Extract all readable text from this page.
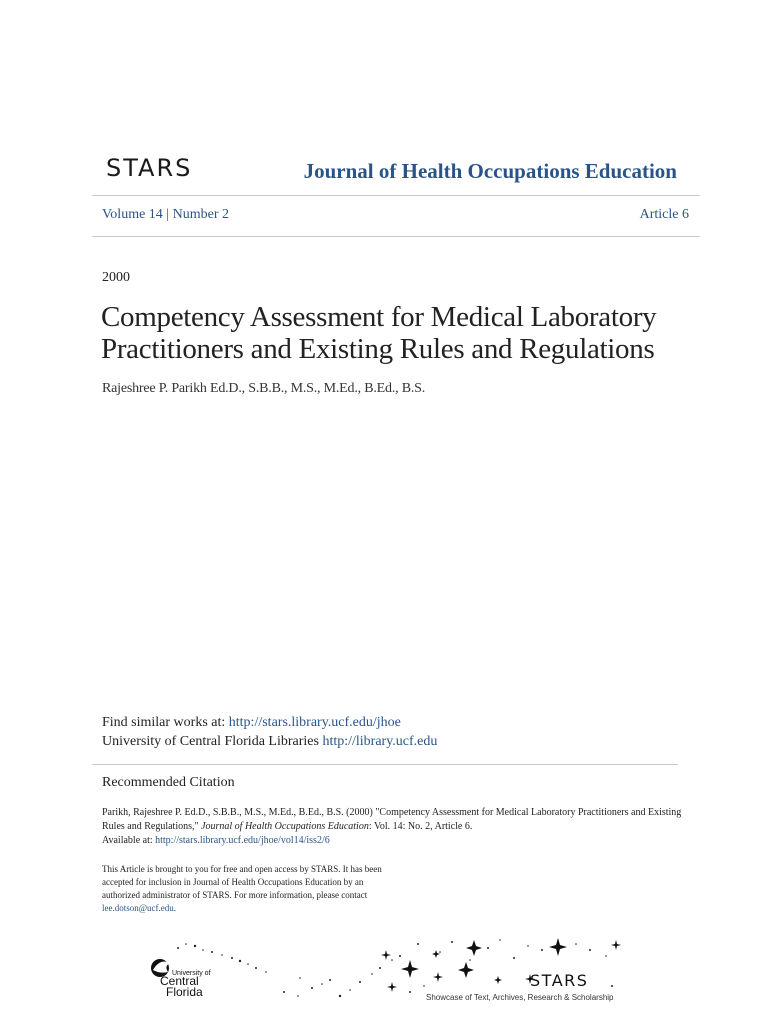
STARS	Journal of Health Occupations Education
Volume 14 | Number 2	Article 6
2000
Competency Assessment for Medical Laboratory Practitioners and Existing Rules and Regulations
Rajeshree P. Parikh Ed.D., S.B.B., M.S., M.Ed., B.Ed., B.S.
Find similar works at: http://stars.library.ucf.edu/jhoe
University of Central Florida Libraries http://library.ucf.edu
Recommended Citation
Parikh, Rajeshree P. Ed.D., S.B.B., M.S., M.Ed., B.Ed., B.S. (2000) "Competency Assessment for Medical Laboratory Practitioners and Existing Rules and Regulations," Journal of Health Occupations Education: Vol. 14: No. 2, Article 6.
Available at: http://stars.library.ucf.edu/jhoe/vol14/iss2/6
This Article is brought to you for free and open access by STARS. It has been accepted for inclusion in Journal of Health Occupations Education by an authorized administrator of STARS. For more information, please contact lee.dotson@ucf.edu.
University of
Central
Florida
STARS
Showcase of Text, Archives, Research & Scholarship
